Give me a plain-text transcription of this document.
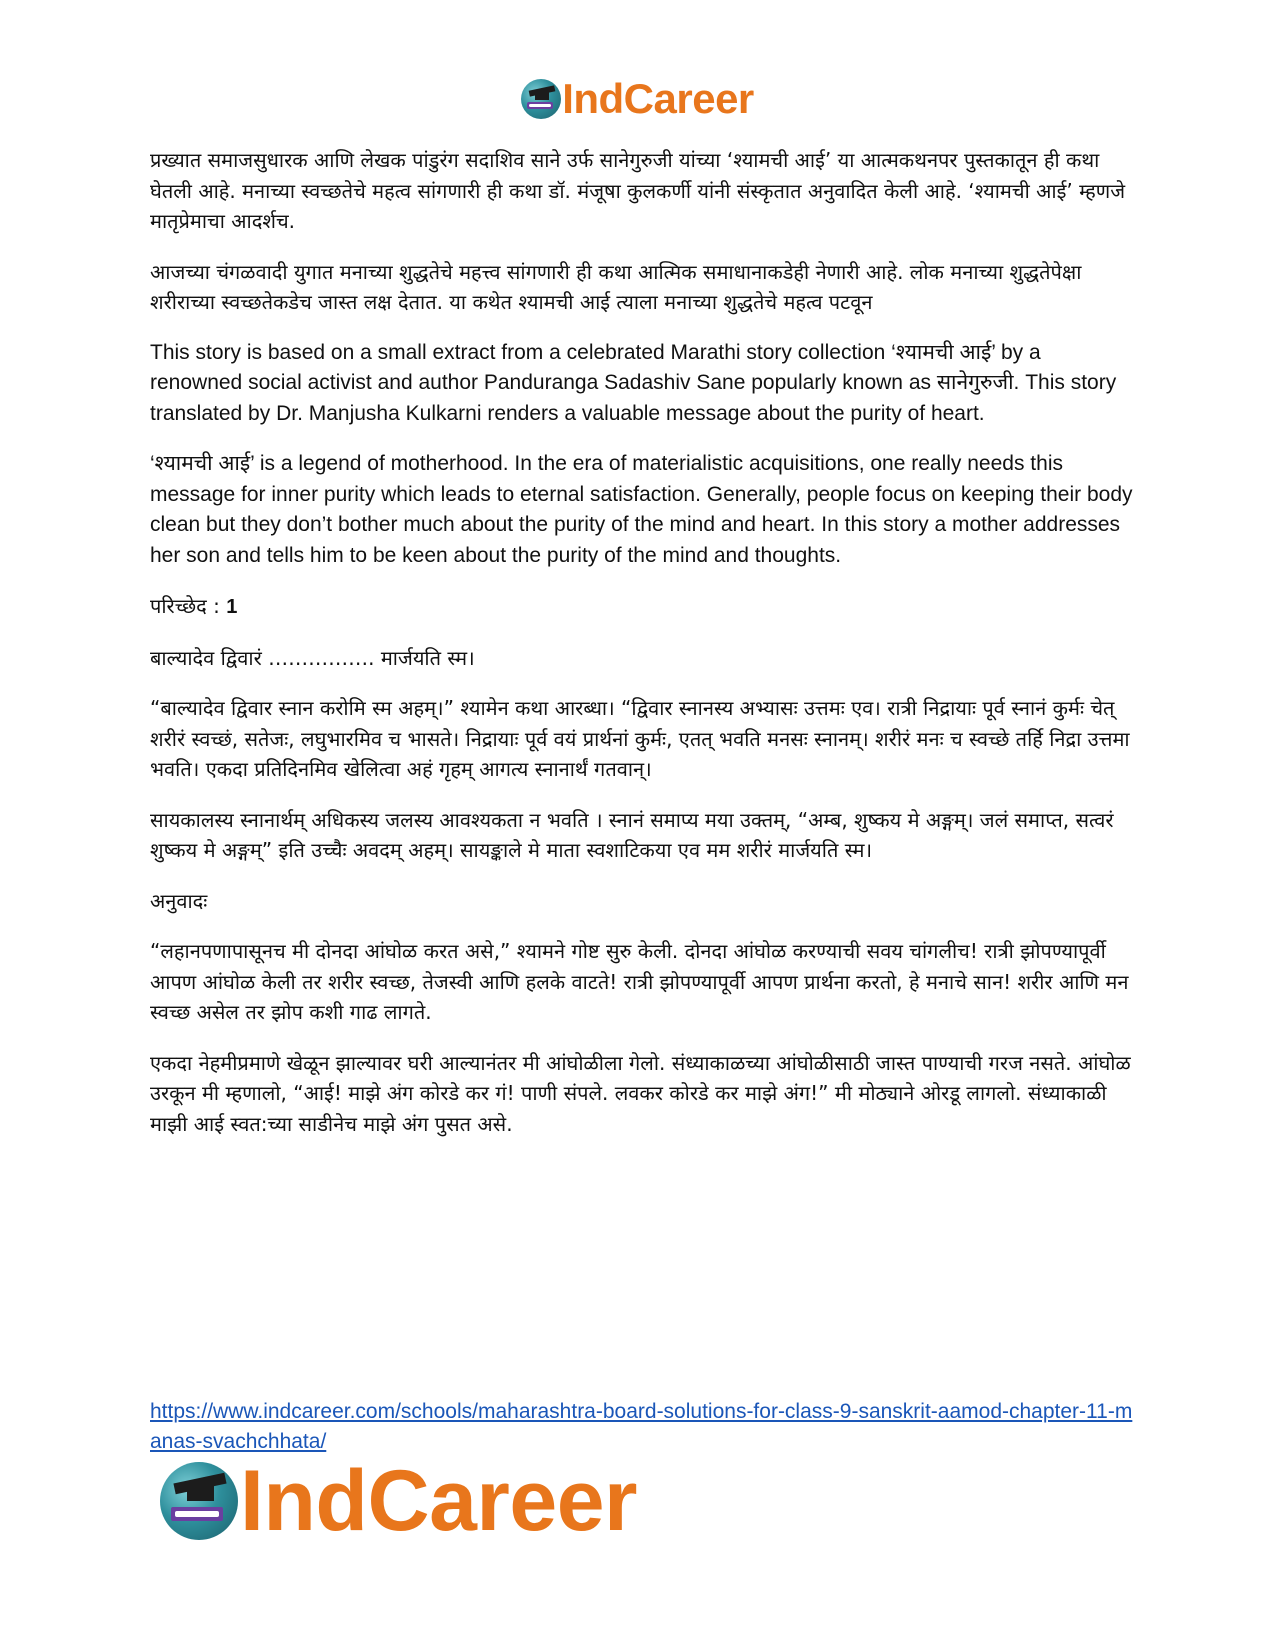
IndCareer

प्रख्यात समाजसुधारक आणि लेखक पांडुरंग सदाशिव साने उर्फ सानेगुरुजी यांच्या ‘श्यामची आई’ या आत्मकथनपर पुस्तकातून ही कथा घेतली आहे. मनाच्या स्वच्छतेचे महत्व सांगणारी ही कथा डॉ. मंजूषा कुलकर्णी यांनी संस्कृतात अनुवादित केली आहे. ‘श्यामची आई’ म्हणजे मातृप्रेमाचा आदर्शच.

आजच्या चंगळवादी युगात मनाच्या शुद्धतेचे महत्त्व सांगणारी ही कथा आत्मिक समाधानाकडेही नेणारी आहे. लोक मनाच्या शुद्धतेपेक्षा शरीराच्या स्वच्छतेकडेच जास्त लक्ष देतात. या कथेत श्यामची आई त्याला मनाच्या शुद्धतेचे महत्व पटवून

This story is based on a small extract from a celebrated Marathi story collection ‘श्यामची आई’ by a renowned social activist and author Panduranga Sadashiv Sane popularly known as सानेगुरुजी. This story translated by Dr. Manjusha Kulkarni renders a valuable message about the purity of heart.

‘श्यामची आई’ is a legend of motherhood. In the era of materialistic acquisitions, one really needs this message for inner purity which leads to eternal satisfaction. Generally, people focus on keeping their body clean but they don’t bother much about the purity of the mind and heart. In this story a mother addresses her son and tells him to be keen about the purity of the mind and thoughts.

परिच्छेद : 1

बाल्यादेव द्विवारं ……………. मार्जयति स्म।

“बाल्यादेव द्विवार स्नान करोमि स्म अहम्।” श्यामेन कथा आरब्धा। “द्विवार स्नानस्य अभ्यासः उत्तमः एव। रात्री निद्रायाः पूर्व स्नानं कुर्मः चेत् शरीरं स्वच्छं, सतेजः, लघुभारमिव च भासते। निद्रायाः पूर्व वयं प्रार्थनां कुर्मः, एतत् भवति मनसः स्नानम्। शरीरं मनः च स्वच्छे तर्हि निद्रा उत्तमा भवति। एकदा प्रतिदिनमिव खेलित्वा अहं गृहम् आगत्य स्नानार्थं गतवान्।

सायकालस्य स्नानार्थम् अधिकस्य जलस्य आवश्यकता न भवति । स्नानं समाप्य मया उक्तम्, “अम्ब, शुष्कय मे अङ्गम्। जलं समाप्त, सत्वरं शुष्कय मे अङ्गम्” इति उच्चैः अवदम् अहम्। सायङ्काले मे माता स्वशाटिकया एव मम शरीरं मार्जयति स्म।

अनुवादः

“लहानपणापासूनच मी दोनदा आंघोळ करत असे,” श्यामने गोष्ट सुरु केली. दोनदा आंघोळ करण्याची सवय चांगलीच! रात्री झोपण्यापूर्वी आपण आंघोळ केली तर शरीर स्वच्छ, तेजस्वी आणि हलके वाटते! रात्री झोपण्यापूर्वी आपण प्रार्थना करतो, हे मनाचे सान! शरीर आणि मन स्वच्छ असेल तर झोप कशी गाढ लागते.

एकदा नेहमीप्रमाणे खेळून झाल्यावर घरी आल्यानंतर मी आंघोळीला गेलो. संध्याकाळच्या आंघोळीसाठी जास्त पाण्याची गरज नसते. आंघोळ उरकून मी म्हणालो, “आई! माझे अंग कोरडे कर गं! पाणी संपले. लवकर कोरडे कर माझे अंग!” मी मोठ्याने ओरडू लागलो. संध्याकाळी माझी आई स्वत:च्या साडीनेच माझे अंग पुसत असे.

https://www.indcareer.com/schools/maharashtra-board-solutions-for-class-9-sanskrit-aamod-chapter-11-manas-svachchhata/
IndCareer
